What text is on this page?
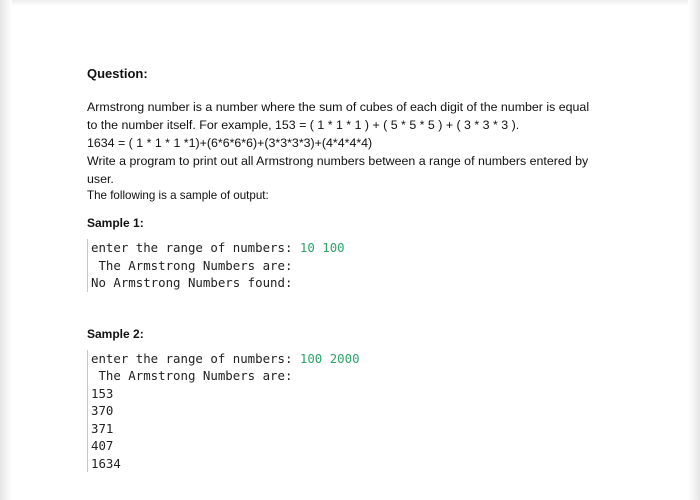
Question:
Armstrong number is a number where the sum of cubes of each digit of the number is equal
to the number itself. For example, 153 = ( 1 * 1 * 1 ) + ( 5 * 5 * 5 ) + ( 3 * 3 * 3 ).
1634 = ( 1 * 1 * 1 *1)+(6*6*6*6)+(3*3*3*3)+(4*4*4*4)
Write a program to print out all Armstrong numbers between a range of numbers entered by
user.
The following is a sample of output:
Sample 1:
enter the range of numbers: 10 100
The Armstrong Numbers are:
No Armstrong Numbers found:
Sample 2:
enter the range of numbers: 100 2000
The Armstrong Numbers are:
153
370
371
407
1634
